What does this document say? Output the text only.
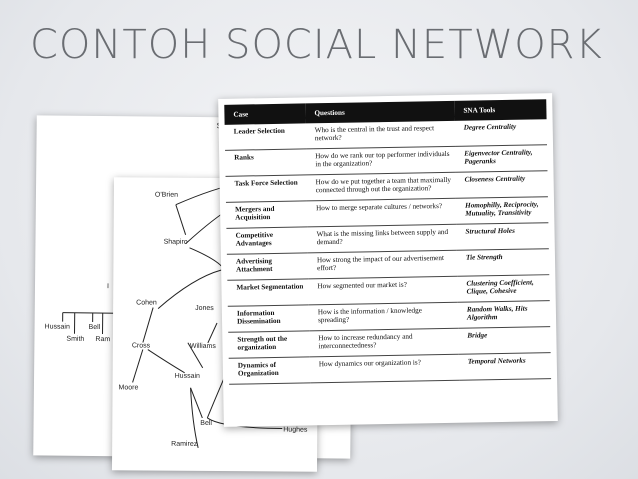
CONTOH SOCIAL NETWORK
I
Hussain	Bell
Smith Ram
O'Brien
Shapiro
Cohen
Jones
Cross	Williams
Moore
Hussain
Bell
Hughes
Ramirez
Case	Questions	SNA Tools
Leader Selection	Who is the central in the trust and respect network?	Degree Centrality
Ranks	How do we rank our top performer individuals in the organization?	Eigenvector Centrality, Pageranks
Task Force Selection	How do we put together a team that maximally connected through out the organization?	Closeness Centrality
Mergers and Acquisition	How to merge separate cultures / networks?	Homophilly, Reciprocity, Mutuality, Transitivity
Competitive Advantages	What is the missing links between supply and demand?	Structural Holes
Advertising Attachment	How strong the impact of our advertisement effort?	Tie Strength
Market Segmentation	How segmented our market is?	Clustering Coefficient, Clique, Cohesive
Information Dissemination	How is the information / knowledge spreading?	Random Walks, Hits Algorithm
Strength out the organization	How to increase redundancy and interconnectedness?	Bridge
Dynamics of Organization	How dynamics our organization is?	Temporal Networks
